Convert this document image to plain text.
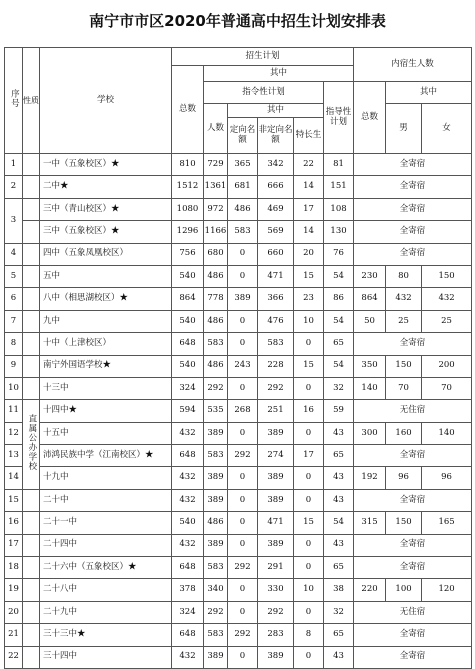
南宁市市区2020年普通高中招生计划安排表
序号	性质	学校	招生计划						内宿生人数		
			总数	其中							
				指令性计划				指导性计划	总数	其中	
				人数	其中					男	女
					定向名额	非定向名额	特长生				
1		一中（五象校区）★	810	729	365	342	22	81	全寄宿		
2		二中★	1512	1361	681	666	14	151	全寄宿		
3		三中（青山校区）★	1080	972	486	469	17	108	全寄宿		
		三中（五象校区）★	1296	1166	583	569	14	130	全寄宿		
4		四中（五象凤凰校区）	756	680	0	660	20	76	全寄宿		
5		五中	540	486	0	471	15	54	230	80	150
6		八中（相思湖校区）★	864	778	389	366	23	86	864	432	432
7		九中	540	486	0	476	10	54	50	25	25
8		十中（上津校区）	648	583	0	583	0	65	全寄宿		
9		南宁外国语学校★	540	486	243	228	15	54	350	150	200
10		十三中	324	292	0	292	0	32	140	70	70
11	直属公办学校	十四中★	594	535	268	251	16	59	无住宿		
12		十五中	432	389	0	389	0	43	300	160	140
13		沛鸿民族中学（江南校区）★	648	583	292	274	17	65	全寄宿		
14		十九中	432	389	0	389	0	43	192	96	96
15		二十中	432	389	0	389	0	43	全寄宿		
16		二十一中	540	486	0	471	15	54	315	150	165
17		二十四中	432	389	0	389	0	43	全寄宿		
18		二十六中（五象校区）★	648	583	292	291	0	65	全寄宿		
19		二十八中	378	340	0	330	10	38	220	100	120
20		二十九中	324	292	0	292	0	32	无住宿		
21		三十三中★	648	583	292	283	8	65	全寄宿		
22		三十四中	432	389	0	389	0	43	全寄宿		
